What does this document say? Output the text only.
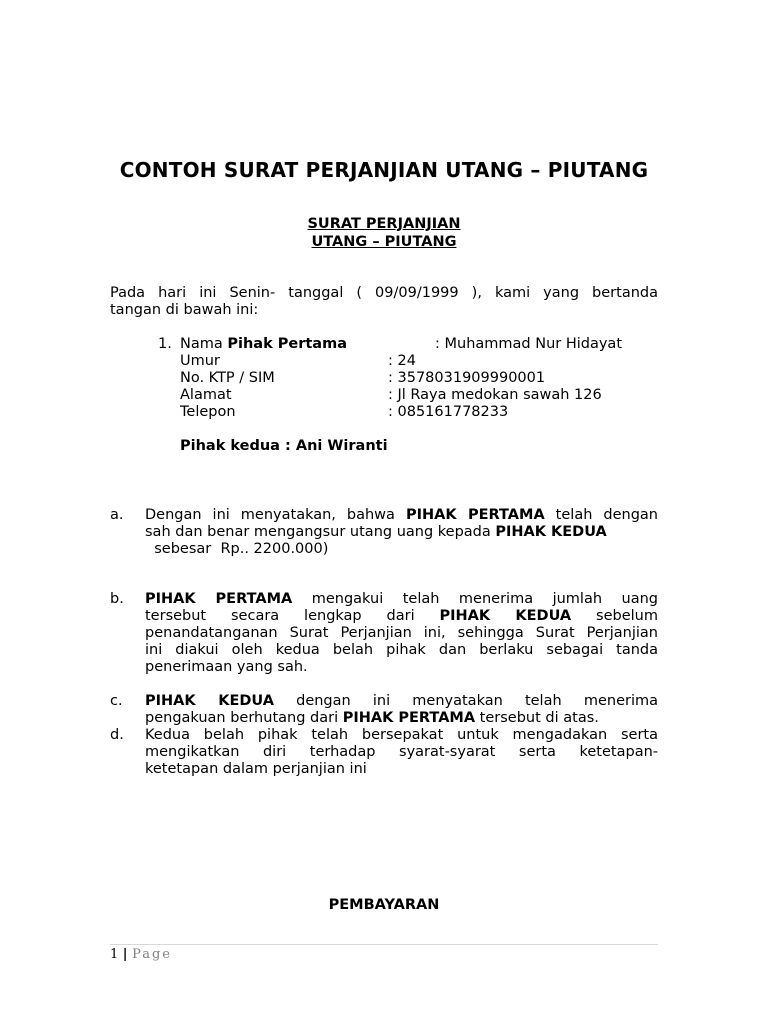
CONTOH SURAT PERJANJIAN UTANG – PIUTANG
SURAT PERJANJIAN
UTANG – PIUTANG
Pada hari ini Senin- tanggal ( 09/09/1999 ), kami yang bertanda
tangan di bawah ini:
1. Nama Pihak Pertama	: Muhammad Nur Hidayat
Umur	: 24
No. KTP / SIM	: 3578031909990001
Alamat	: Jl Raya medokan sawah 126
Telepon	: 085161778233
Pihak kedua : Ani Wiranti
a. Dengan ini menyatakan, bahwa PIHAK PERTAMA telah dengan
sah dan benar mengangsur utang uang kepada PIHAK KEDUA
sebesar  Rp.. 2200.000)
b. PIHAK PERTAMA mengakui telah menerima jumlah uang
tersebut secara lengkap dari PIHAK KEDUA sebelum
penandatanganan Surat Perjanjian ini, sehingga Surat Perjanjian
ini diakui oleh kedua belah pihak dan berlaku sebagai tanda
penerimaan yang sah.
c. PIHAK KEDUA dengan ini menyatakan telah menerima
pengakuan berhutang dari PIHAK PERTAMA tersebut di atas.
d. Kedua belah pihak telah bersepakat untuk mengadakan serta
mengikatkan diri terhadap syarat-syarat serta ketetapan-
ketetapan dalam perjanjian ini
PEMBAYARAN
1 | Page
